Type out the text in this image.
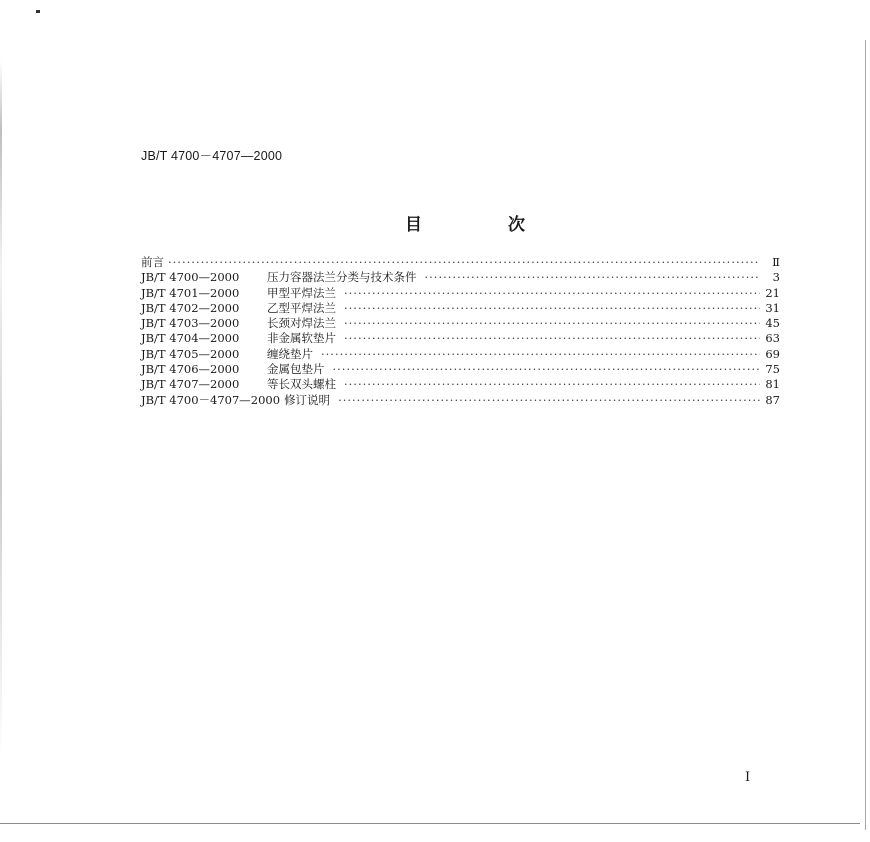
JB/T 4700－4707—2000
目	次
前言 ·····	Ⅱ
JB/T 4700—2000	压力容器法兰分类与技术条件 ·····	3
JB/T 4701—2000	甲型平焊法兰 ·····	21
JB/T 4702—2000	乙型平焊法兰 ·····	31
JB/T 4703—2000	长颈对焊法兰 ·····	45
JB/T 4704—2000	非金属软垫片 ·····	63
JB/T 4705—2000	缠绕垫片 ·····	69
JB/T 4706—2000	金属包垫片 ·····	75
JB/T 4707—2000	等长双头螺柱 ·····	81
JB/T 4700－4707—2000 修订说明 ·····	87
I
